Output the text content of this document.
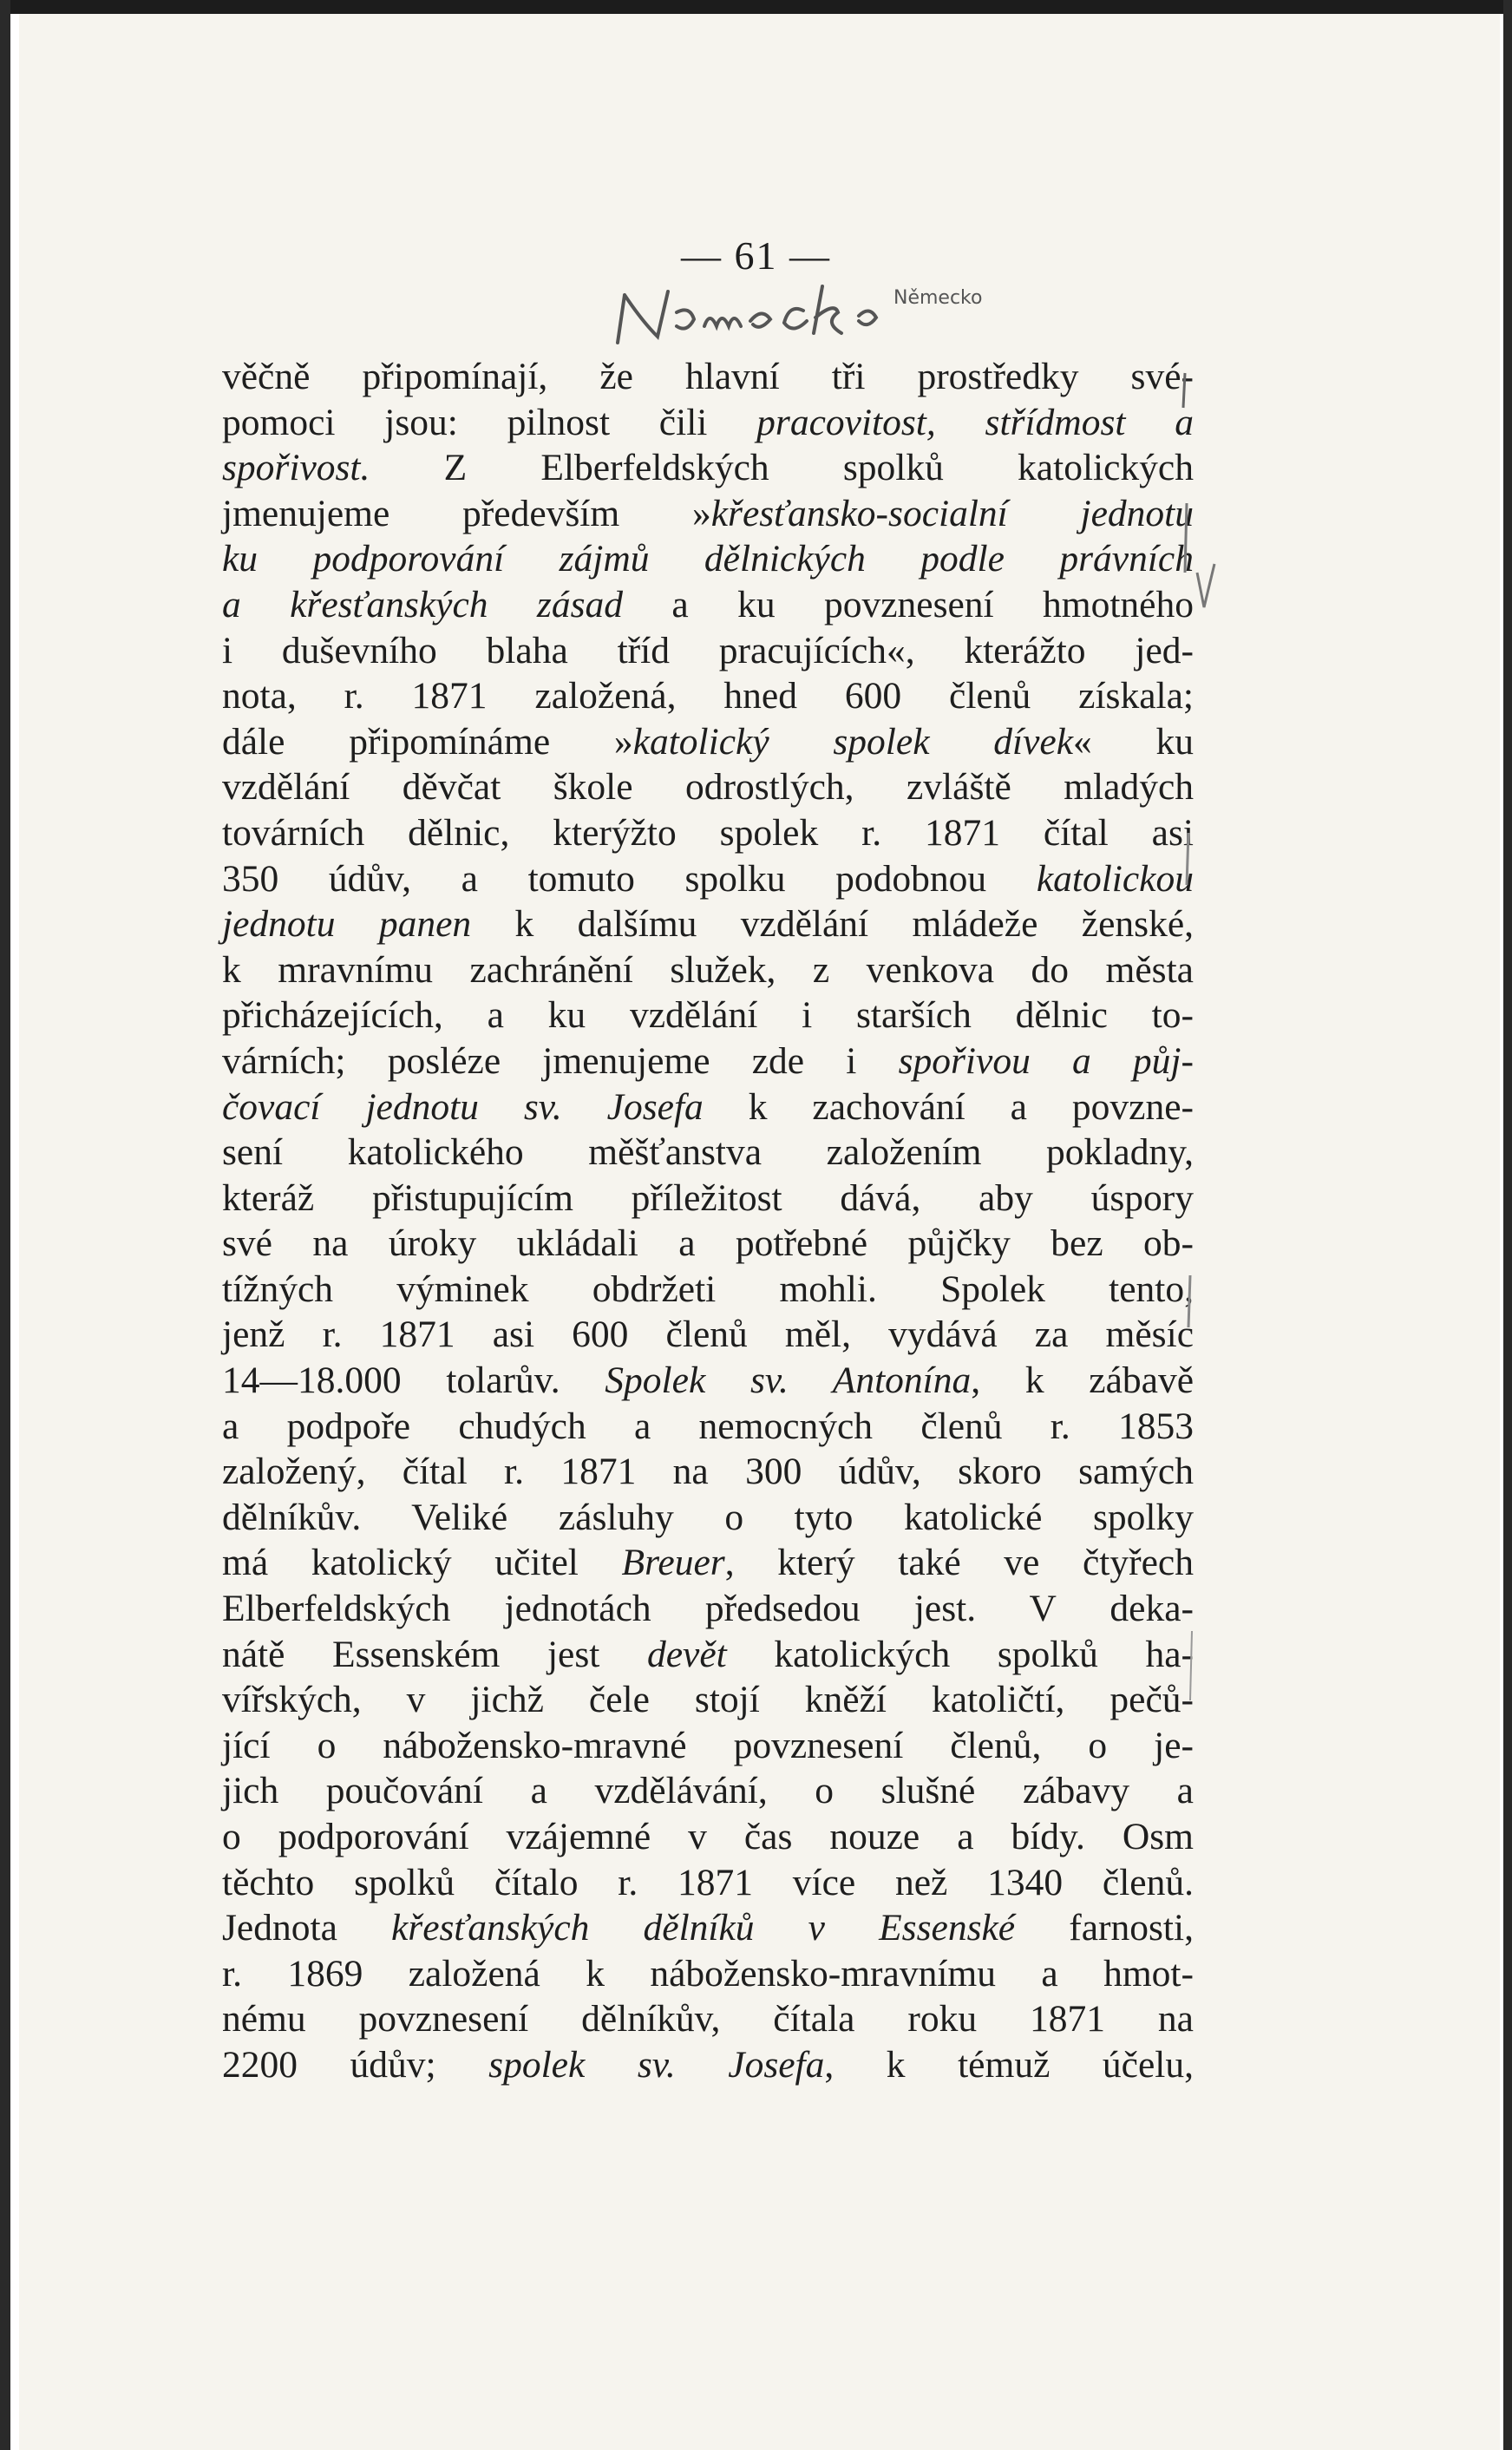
— 61 —
Německo
věčně připomínají, že hlavní tři prostředky své-
pomoci jsou: pilnost čili pracovitost, střídmost a
spořivost. Z Elberfeldských spolků katolických
jmenujeme především »křesťansko-socialní jednotu
ku podporování zájmů dělnických podle právních
a křesťanských zásad a ku povznesení hmotného
i duševního blaha tříd pracujících«, kterážto jed-
nota, r. 1871 založená, hned 600 členů získala;
dále připomínáme »katolický spolek dívek« ku
vzdělání děvčat škole odrostlých, zvláště mladých
továrních dělnic, kterýžto spolek r. 1871 čítal asi
350 údův, a tomuto spolku podobnou katolickou
jednotu panen k dalšímu vzdělání mládeže ženské,
k mravnímu zachránění služek, z venkova do města
přicházejících, a ku vzdělání i starších dělnic to-
várních; posléze jmenujeme zde i spořivou a půj-
čovací jednotu sv. Josefa k zachování a povzne-
sení katolického měšťanstva založením pokladny,
kteráž přistupujícím příležitost dává, aby úspory
své na úroky ukládali a potřebné půjčky bez ob-
tížných výminek obdržeti mohli. Spolek tento,
jenž r. 1871 asi 600 členů měl, vydává za měsíc
14—18.000 tolarův. Spolek sv. Antonína, k zábavě
a podpoře chudých a nemocných členů r. 1853
založený, čítal r. 1871 na 300 údův, skoro samých
dělníkův. Veliké zásluhy o tyto katolické spolky
má katolický učitel Breuer, který také ve čtyřech
Elberfeldských jednotách předsedou jest. V deka-
nátě Essenském jest devět katolických spolků ha-
vířských, v jichž čele stojí kněží katoličtí, pečů-
jící o nábožensko-mravné povznesení členů, o je-
jich poučování a vzdělávání, o slušné zábavy a
o podporování vzájemné v čas nouze a bídy. Osm
těchto spolků čítalo r. 1871 více než 1340 členů.
Jednota křesťanských dělníků v Essenské farnosti,
r. 1869 založená k nábožensko-mravnímu a hmot-
nému povznesení dělníkův, čítala roku 1871 na
2200 údův; spolek sv. Josefa, k témuž účelu,
